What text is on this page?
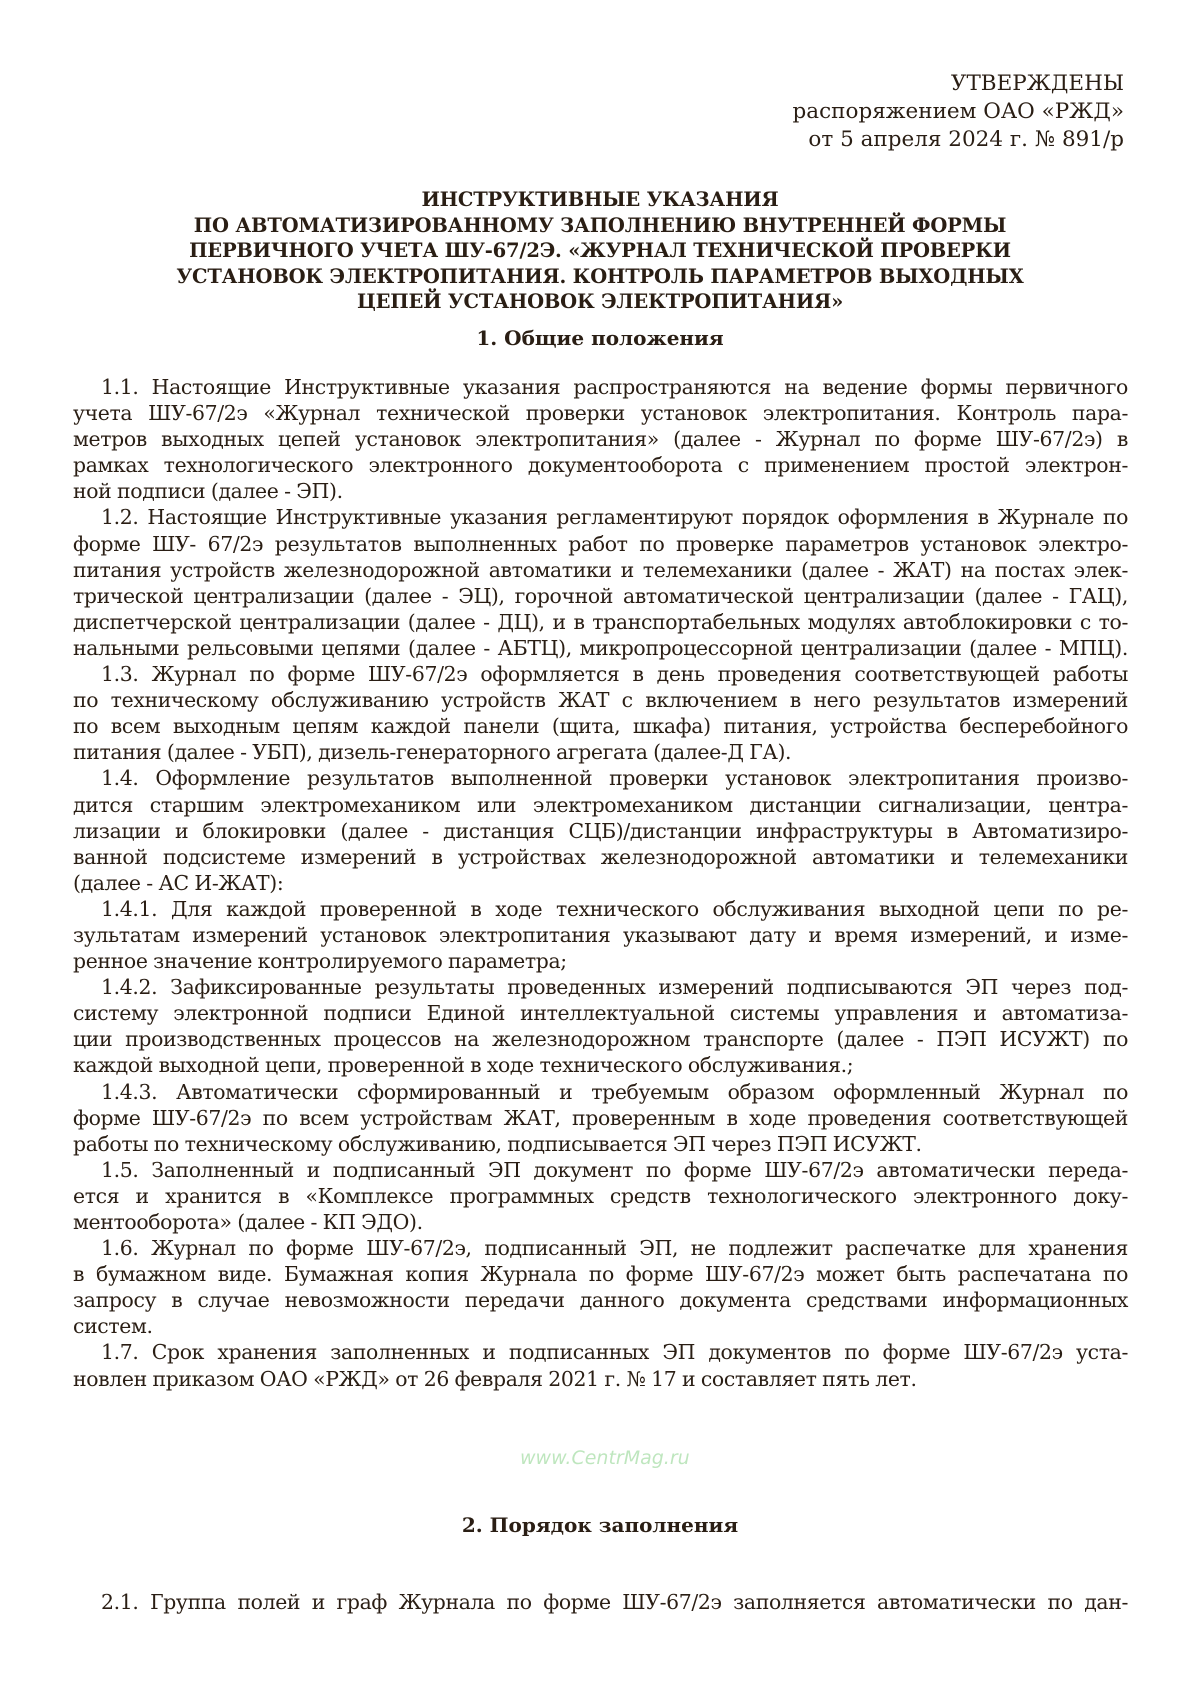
УТВЕРЖДЕНЫ
распоряжением ОАО «РЖД»
от 5 апреля 2024 г. № 891/р
ИНСТРУКТИВНЫЕ УКАЗАНИЯ
ПО АВТОМАТИЗИРОВАННОМУ ЗАПОЛНЕНИЮ ВНУТРЕННЕЙ ФОРМЫ
ПЕРВИЧНОГО УЧЕТА ШУ-67/2Э. «ЖУРНАЛ ТЕХНИЧЕСКОЙ ПРОВЕРКИ
УСТАНОВОК ЭЛЕКТРОПИТАНИЯ. КОНТРОЛЬ ПАРАМЕТРОВ ВЫХОДНЫХ
ЦЕПЕЙ УСТАНОВОК ЭЛЕКТРОПИТАНИЯ»
1. Общие положения
1.1. Настоящие Инструктивные указания распространяются на ведение формы первичного
учета ШУ-67/2э «Журнал технической проверки установок электропитания. Контроль пара-
метров выходных цепей установок электропитания» (далее - Журнал по форме ШУ-67/2э) в
рамках технологического электронного документооборота с применением простой электрон-
ной подписи (далее - ЭП).
1.2. Настоящие Инструктивные указания регламентируют порядок оформления в Журнале по
форме ШУ- 67/2э результатов выполненных работ по проверке параметров установок электро-
питания устройств железнодорожной автоматики и телемеханики (далее - ЖАТ) на постах элек-
трической централизации (далее - ЭЦ), горочной автоматической централизации (далее - ГАЦ),
диспетчерской централизации (далее - ДЦ), и в транспортабельных модулях автоблокировки с то-
нальными рельсовыми цепями (далее - АБТЦ), микропроцессорной централизации (далее - МПЦ).
1.3. Журнал по форме ШУ-67/2э оформляется в день проведения соответствующей работы
по техническому обслуживанию устройств ЖАТ с включением в него результатов измерений
по всем выходным цепям каждой панели (щита, шкафа) питания, устройства бесперебойного
питания (далее - УБП), дизель-генераторного агрегата (далее-Д ГА).
1.4. Оформление результатов выполненной проверки установок электропитания произво-
дится старшим электромехаником или электромехаником дистанции сигнализации, центра-
лизации и блокировки (далее - дистанция СЦБ)/дистанции инфраструктуры в Автоматизиро-
ванной подсистеме измерений в устройствах железнодорожной автоматики и телемеханики
(далее - АС И-ЖАТ):
1.4.1. Для каждой проверенной в ходе технического обслуживания выходной цепи по ре-
зультатам измерений установок электропитания указывают дату и время измерений, и изме-
ренное значение контролируемого параметра;
1.4.2. Зафиксированные результаты проведенных измерений подписываются ЭП через под-
систему электронной подписи Единой интеллектуальной системы управления и автоматиза-
ции производственных процессов на железнодорожном транспорте (далее - ПЭП ИСУЖТ) по
каждой выходной цепи, проверенной в ходе технического обслуживания.;
1.4.3. Автоматически сформированный и требуемым образом оформленный Журнал по
форме ШУ-67/2э по всем устройствам ЖАТ, проверенным в ходе проведения соответствующей
работы по техническому обслуживанию, подписывается ЭП через ПЭП ИСУЖТ.
1.5. Заполненный и подписанный ЭП документ по форме ШУ-67/2э автоматически переда-
ется и хранится в «Комплексе программных средств технологического электронного доку-
ментооборота» (далее - КП ЭДО).
1.6. Журнал по форме ШУ-67/2э, подписанный ЭП, не подлежит распечатке для хранения
в бумажном виде. Бумажная копия Журнала по форме ШУ-67/2э может быть распечатана по
запросу в случае невозможности передачи данного документа средствами информационных
систем.
1.7. Срок хранения заполненных и подписанных ЭП документов по форме ШУ-67/2э уста-
новлен приказом ОАО «РЖД» от 26 февраля 2021 г. № 17 и составляет пять лет.
www.CentrMag.ru
2. Порядок заполнения
2.1. Группа полей и граф Журнала по форме ШУ-67/2э заполняется автоматически по дан-
